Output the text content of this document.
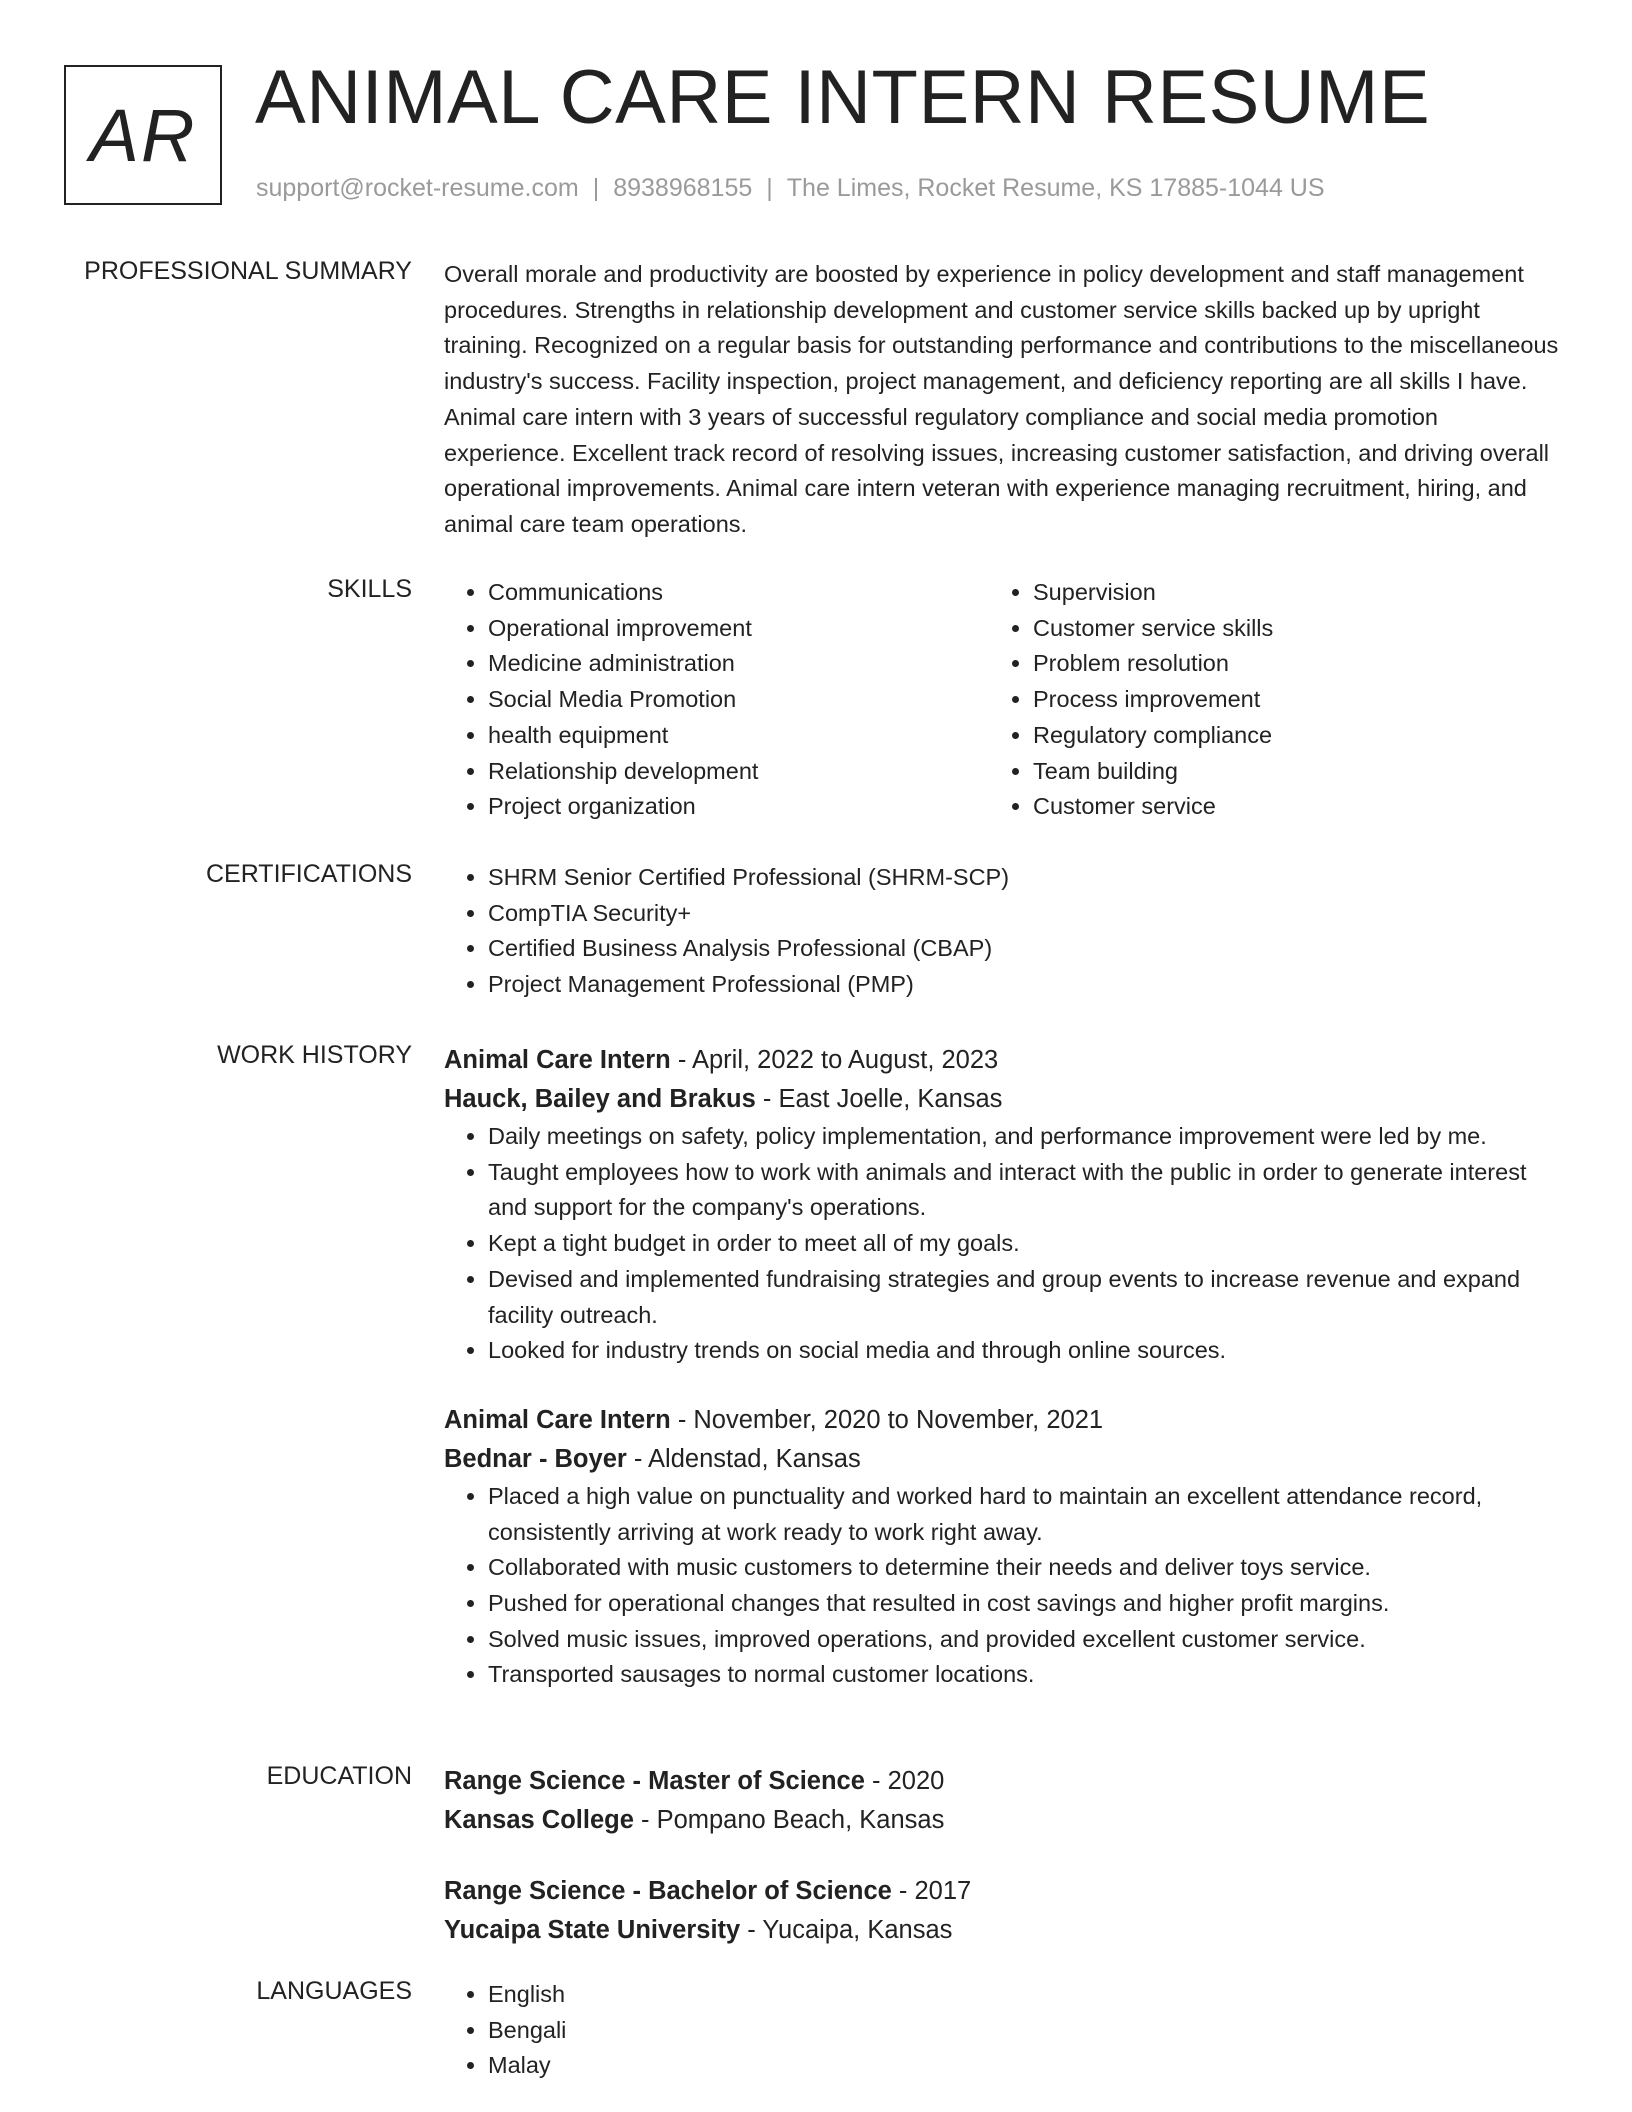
AR ANIMAL CARE INTERN RESUME
support@rocket-resume.com | 8938968155 | The Limes, Rocket Resume, KS 17885-1044 US
PROFESSIONAL SUMMARY Overall morale and productivity are boosted by experience in policy development and staff management procedures. Strengths in relationship development and customer service skills backed up by upright training. Recognized on a regular basis for outstanding performance and contributions to the miscellaneous industry's success. Facility inspection, project management, and deficiency reporting are all skills I have. Animal care intern with 3 years of successful regulatory compliance and social media promotion experience. Excellent track record of resolving issues, increasing customer satisfaction, and driving overall operational improvements. Animal care intern veteran with experience managing recruitment, hiring, and animal care team operations.
SKILLS	• Communications
• Operational improvement
• Medicine administration
• Social Media Promotion
• health equipment
• Relationship development
• Project organization
• Supervision
• Customer service skills
• Problem resolution
• Process improvement
• Regulatory compliance
• Team building
• Customer service
CERTIFICATIONS	• SHRM Senior Certified Professional (SHRM-SCP)
• CompTIA Security+
• Certified Business Analysis Professional (CBAP)
• Project Management Professional (PMP)
WORK HISTORY Animal Care Intern - April, 2022 to August, 2023
Hauck, Bailey and Brakus - East Joelle, Kansas
• Daily meetings on safety, policy implementation, and performance improvement were led by me.
• Taught employees how to work with animals and interact with the public in order to generate interest and support for the company's operations.
• Kept a tight budget in order to meet all of my goals.
• Devised and implemented fundraising strategies and group events to increase revenue and expand facility outreach.
• Looked for industry trends on social media and through online sources.
Animal Care Intern - November, 2020 to November, 2021
Bednar - Boyer - Aldenstad, Kansas
• Placed a high value on punctuality and worked hard to maintain an excellent attendance record, consistently arriving at work ready to work right away.
• Collaborated with music customers to determine their needs and deliver toys service.
• Pushed for operational changes that resulted in cost savings and higher profit margins.
• Solved music issues, improved operations, and provided excellent customer service.
• Transported sausages to normal customer locations.
EDUCATION Range Science - Master of Science - 2020
Kansas College - Pompano Beach, Kansas
Range Science - Bachelor of Science - 2017
Yucaipa State University - Yucaipa, Kansas
LANGUAGES	• English
• Bengali
• Malay
